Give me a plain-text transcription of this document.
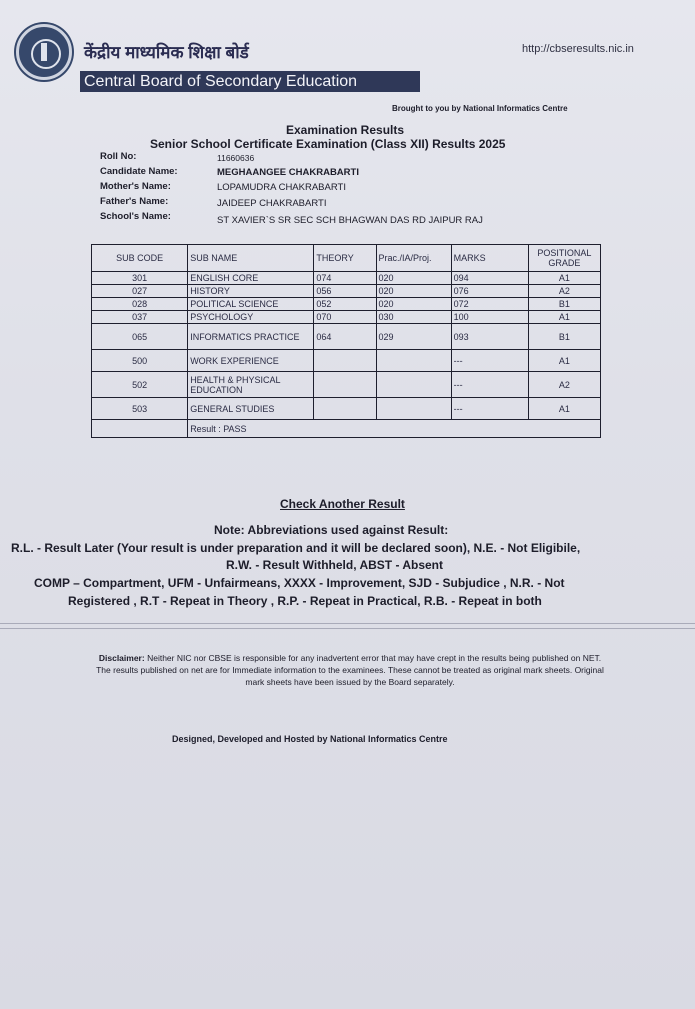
केंद्रीय माध्यमिक शिक्षा बोर्ड
Central Board of Secondary Education
http://cbseresults.nic.in
Brought to you by National Informatics Centre
Examination Results
Senior School Certificate Examination (Class XII) Results 2025
Roll No:	11660636
Candidate Name:	MEGHAANGEE CHAKRABARTI
Mother's Name:	LOPAMUDRA CHAKRABARTI
Father's Name:	JAIDEEP CHAKRABARTI
School's Name:	ST XAVIER`S SR SEC SCH BHAGWAN DAS RD JAIPUR RAJ
SUB CODE	SUB NAME	THEORY	Prac./IA/Proj.	MARKS	POSITIONAL GRADE
301	ENGLISH CORE	074	020	094	A1
027	HISTORY	056	020	076	A2
028	POLITICAL SCIENCE	052	020	072	B1
037	PSYCHOLOGY	070	030	100	A1
065	INFORMATICS PRACTICE	064	029	093	B1
500	WORK EXPERIENCE			---	A1
502	HEALTH & PHYSICAL EDUCATION			---	A2
503	GENERAL STUDIES			---	A1
	Result : PASS				
Check Another Result
Note: Abbreviations used against Result:
R.L. - Result Later (Your result is under preparation and it will be declared soon), N.E. - Not Eligibile,
R.W. - Result Withheld, ABST - Absent
COMP – Compartment, UFM - Unfairmeans, XXXX - Improvement, SJD - Subjudice , N.R. - Not
Registered , R.T - Repeat in Theory , R.P. - Repeat in Practical, R.B. - Repeat in both
Disclaimer: Neither NIC nor CBSE is responsible for any inadvertent error that may have crept in the results being published on NET. The results published on net are for Immediate information to the examinees. These cannot be treated as original mark sheets. Original mark sheets have been issued by the Board separately.
Designed, Developed and Hosted by National Informatics Centre
